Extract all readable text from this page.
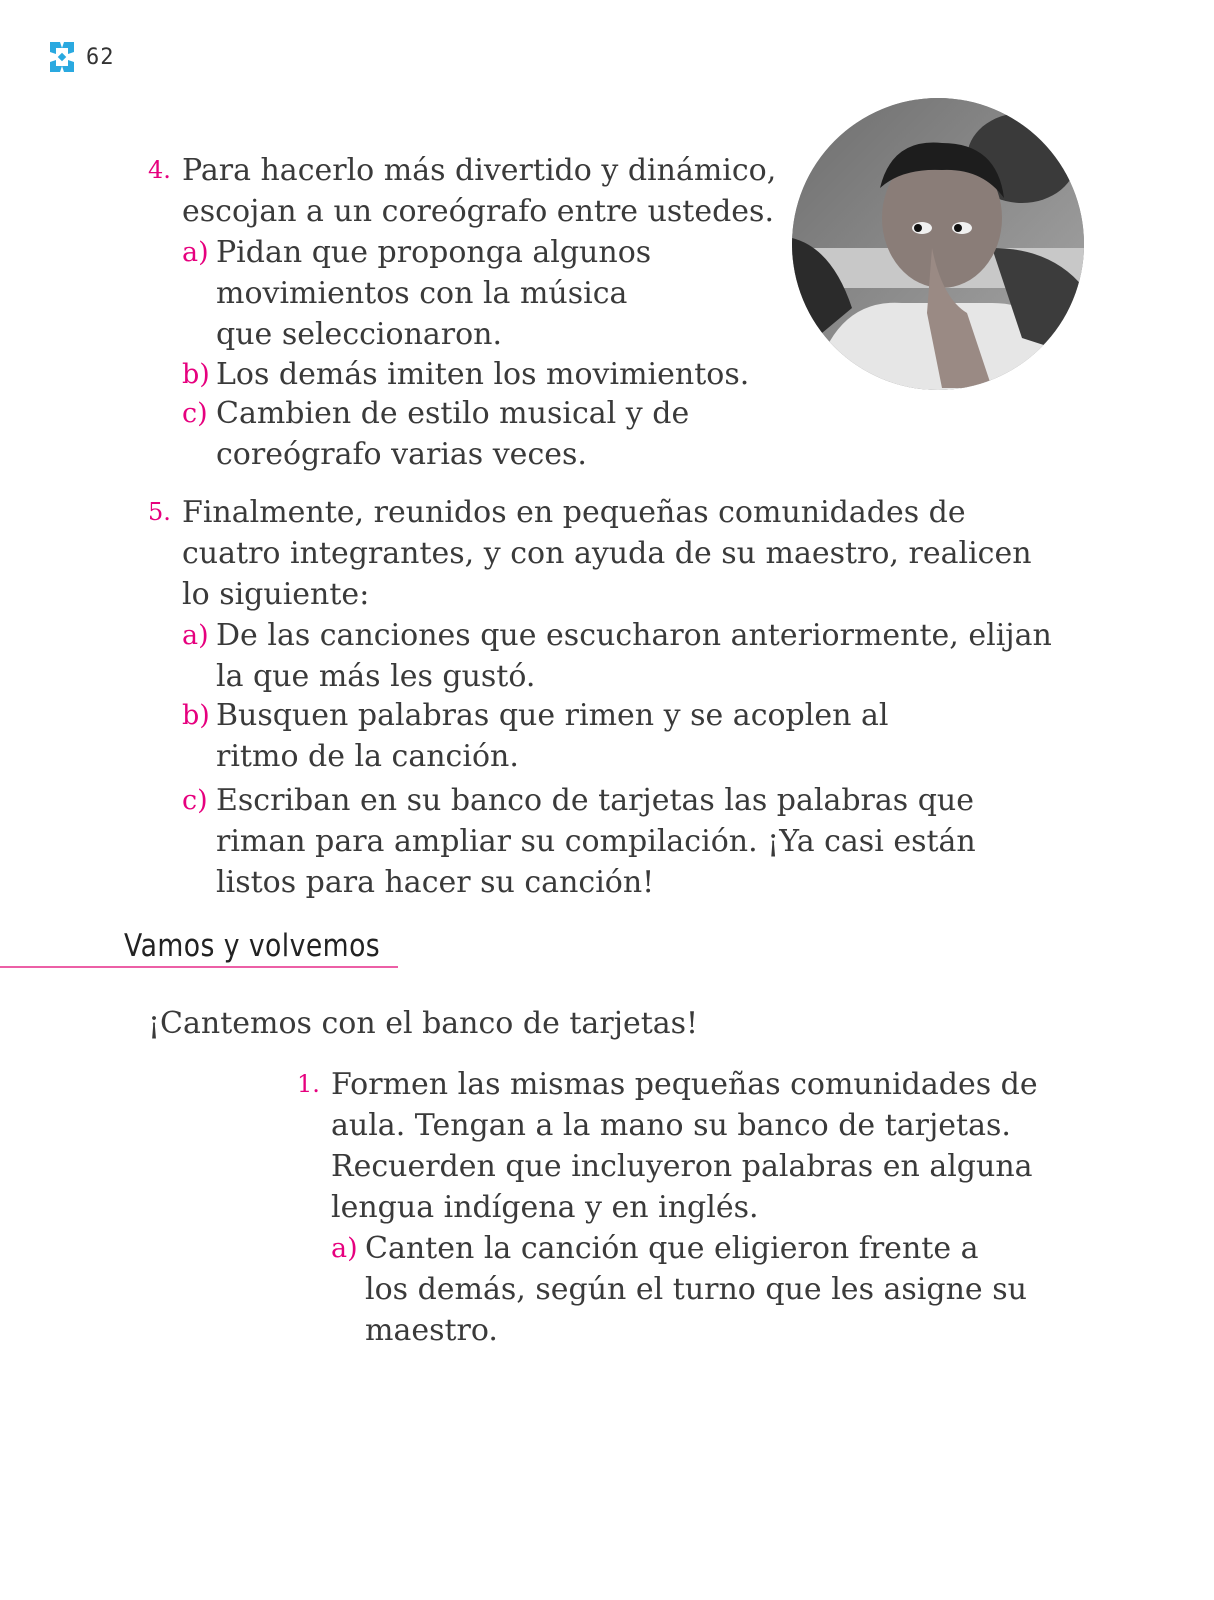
62
4. Para hacerlo más divertido y dinámico,
escojan a un coreógrafo entre ustedes.
a) Pidan que proponga algunos
movimientos con la música
que seleccionaron.
b) Los demás imiten los movimientos.
c) Cambien de estilo musical y de
coreógrafo varias veces.
5. Finalmente, reunidos en pequeñas comunidades de
cuatro integrantes, y con ayuda de su maestro, realicen
lo siguiente:
a) De las canciones que escucharon anteriormente, elijan
la que más les gustó.
b) Busquen palabras que rimen y se acoplen al
ritmo de la canción.
c) Escriban en su banco de tarjetas las palabras que
riman para ampliar su compilación. ¡Ya casi están
listos para hacer su canción!
Vamos y volvemos
¡Cantemos con el banco de tarjetas!
1. Formen las mismas pequeñas comunidades de
aula. Tengan a la mano su banco de tarjetas.
Recuerden que incluyeron palabras en alguna
lengua indígena y en inglés.
a) Canten la canción que eligieron frente a
los demás, según el turno que les asigne su
maestro.
